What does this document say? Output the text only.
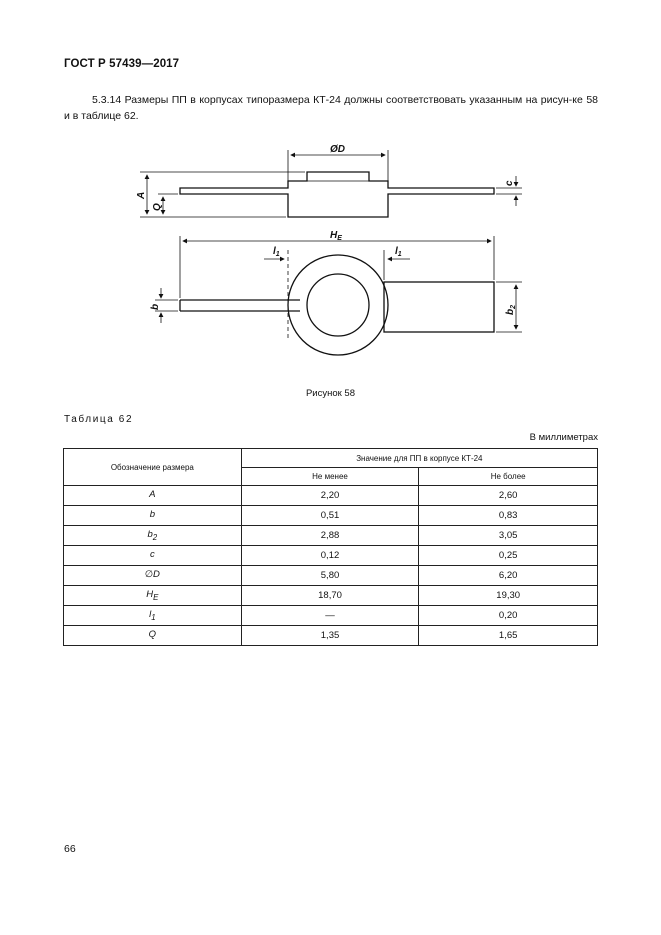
ГОСТ Р 57439—2017
5.3.14 Размеры ПП в корпусах типоразмера КТ-24 должны соответствовать указанным на рисун-ке 58 и в таблице 62.
ØD
A
Q
c
$H_E$
$l_1$	$l_1$
b
$b_2$
Рисунок 58
Таблица 62
В миллиметрах
Обозначение размера	Значение для ПП в корпусе КТ-24	
	Не менее	Не более
A	2,20	2,60
b	0,51	0,83
$b_2$	2,88	3,05
c	0,12	0,25
∅D	5,80	6,20
$H_E$	18,70	19,30
$l_1$	—	0,20
Q	1,35	1,65
66
